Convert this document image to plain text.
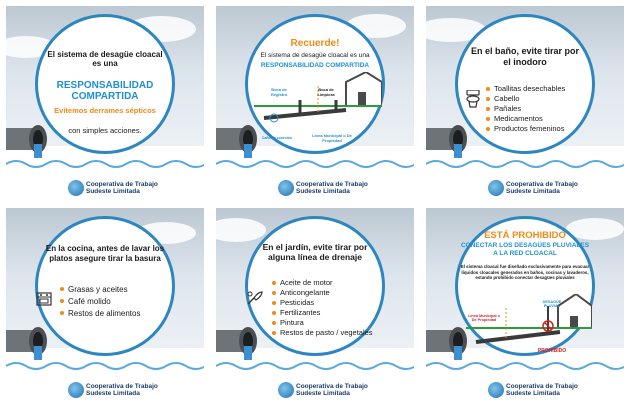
El sistema de desagüe cloacal es una
RESPONSABILIDAD COMPARTIDA
Evitemos derrames sépticos
con simples acciones.
Cooperativa de Trabajo
Sudeste Limitada
Recuerde!
El sistema de desagüe cloacal es una
RESPONSABILIDAD COMPARTIDA
Boca de Registro
Boca de Limpieza
Línea Municipal o De Propiedad
Caño de conexión
Cooperativa de Trabajo
Sudeste Limitada
En el baño, evite tirar por el inodoro
Toallitas desechables
Cabello
Pañales
Medicamentos
Productos femeninos
Cooperativa de Trabajo
Sudeste Limitada
En la cocina, antes de lavar los platos asegure tirar la basura
Grasas y aceites
Café molido
Restos de alimentos
Cooperativa de Trabajo
Sudeste Limitada
En el jardín, evite tirar por alguna línea de drenaje
Aceite de motor
Anticongelante
Pesticidas
Fertilizantes
Pintura
Restos de pasto / vegetales
Cooperativa de Trabajo
Sudeste Limitada
ESTÁ PROHIBIDO
CONECTAR LOS DESAGÜES PLUVIALES A LA RED CLOACAL
El sistema cloacal fue diseñado exclusivamente para evacuar líquidos cloacales generados en baños, cocinas y lavaderos, estando prohibido conectar desagües pluviales
Línea Municipal o De Propiedad
DESAGÜE PLUVIAL
PROHIBIDO
Cooperativa de Trabajo
Sudeste Limitada
